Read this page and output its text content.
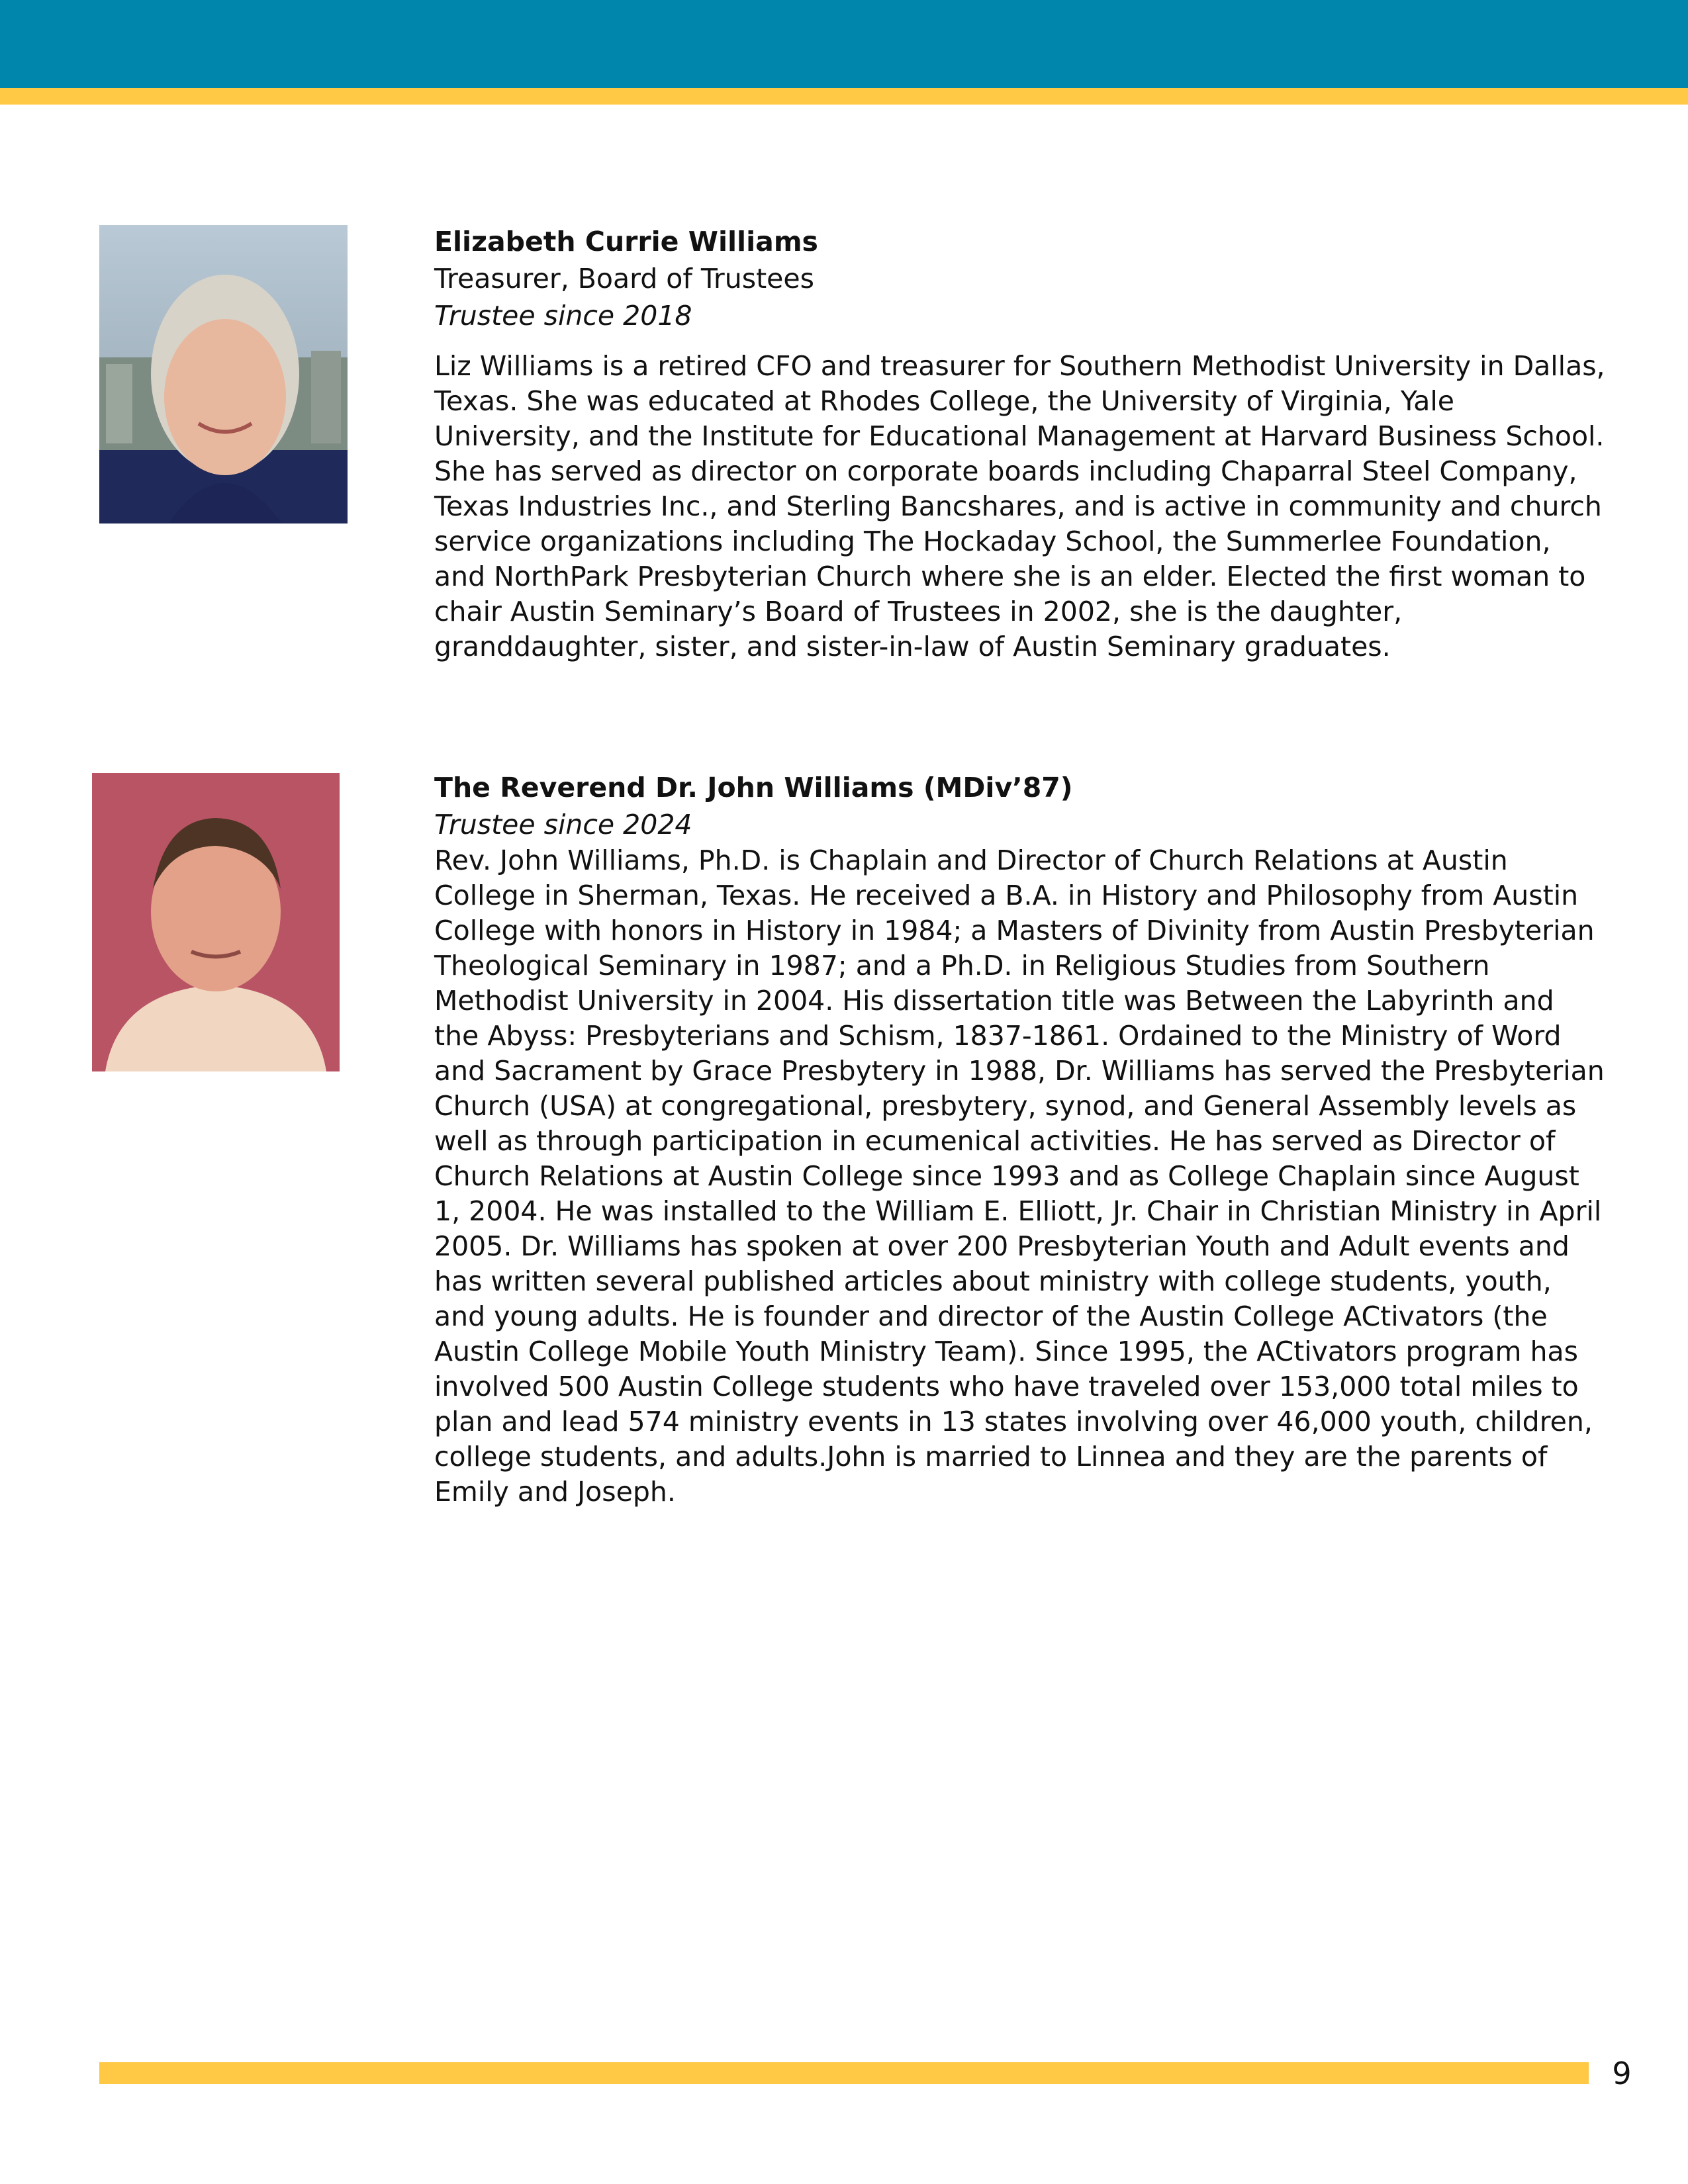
Elizabeth Currie Williams
Treasurer, Board of Trustees
Trustee since 2018
Liz Williams is a retired CFO and treasurer for Southern Methodist University in Dallas, Texas. She was educated at Rhodes College, the University of Virginia, Yale University, and the Institute for Educational Management at Harvard Business School. She has served as director on corporate boards including Chaparral Steel Company, Texas Industries Inc., and Sterling Bancshares, and is active in community and church service organizations including The Hockaday School, the Summerlee Foundation, and NorthPark Presbyterian Church where she is an elder. Elected the first woman to chair Austin Seminary’s Board of Trustees in 2002, she is the daughter, granddaughter, sister, and sister-in-law of Austin Seminary graduates.
The Reverend Dr. John Williams (MDiv’87)
Trustee since 2024
Rev. John Williams, Ph.D. is Chaplain and Director of Church Relations at Austin College in Sherman, Texas. He received a B.A. in History and Philosophy from Austin College with honors in History in 1984; a Masters of Divinity from Austin Presbyterian Theological Seminary in 1987; and a Ph.D. in Religious Studies from Southern Methodist University in 2004. His dissertation title was Between the Labyrinth and the Abyss: Presbyterians and Schism, 1837-1861. Ordained to the Ministry of Word and Sacrament by Grace Presbytery in 1988, Dr. Williams has served the Presbyterian Church (USA) at congregational, presbytery, synod, and General Assembly levels as well as through participation in ecumenical activities. He has served as Director of Church Relations at Austin College since 1993 and as College Chaplain since August 1, 2004. He was installed to the William E. Elliott, Jr. Chair in Christian Ministry in April 2005. Dr. Williams has spoken at over 200 Presbyterian Youth and Adult events and has written several published articles about ministry with college students, youth, and young adults. He is founder and director of the Austin College ACtivators (the Austin College Mobile Youth Ministry Team). Since 1995, the ACtivators program has involved 500 Austin College students who have traveled over 153,000 total miles to plan and lead 574 ministry events in 13 states involving over 46,000 youth, children, college students, and adults.John is married to Linnea and they are the parents of Emily and Joseph.
9
